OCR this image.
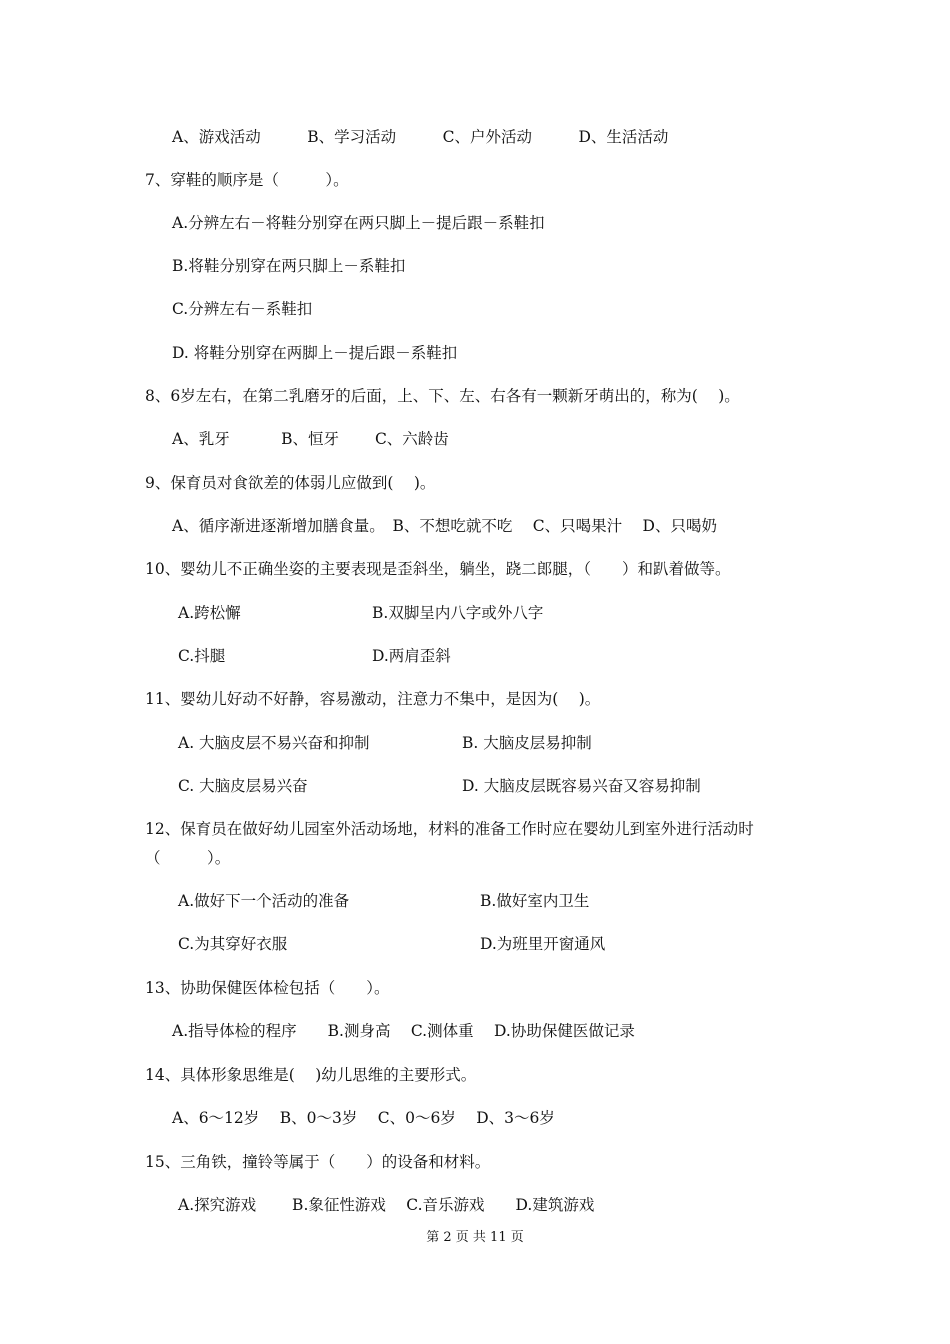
A、游戏活动　　　B、学习活动　　　C、户外活动　　　D、生活活动
7、穿鞋的顺序是（　　　）。
A.分辨左右－将鞋分别穿在两只脚上－提后跟－系鞋扣
B.将鞋分别穿在两只脚上－系鞋扣
C.分辨左右－系鞋扣
D. 将鞋分别穿在两脚上－提后跟－系鞋扣
8、6岁左右，在第二乳磨牙的后面，上、下、左、右各有一颗新牙萌出的，称为(　 )。
A、乳牙　　　 B、恒牙　　 C、六龄齿
9、保育员对食欲差的体弱儿应做到(　 )。
A、循序渐进逐渐增加膳食量。　B、不想吃就不吃　 C、只喝果汁　 D、只喝奶
10、婴幼儿不正确坐姿的主要表现是歪斜坐，躺坐，跷二郎腿，（　　）和趴着做等。
A.跨松懈	B.双脚呈内八字或外八字
C.抖腿	D.两肩歪斜
11、婴幼儿好动不好静，容易激动，注意力不集中，是因为(　 )。
A. 大脑皮层不易兴奋和抑制	B. 大脑皮层易抑制
C. 大脑皮层易兴奋	D. 大脑皮层既容易兴奋又容易抑制
12、保育员在做好幼儿园室外活动场地，材料的准备工作时应在婴幼儿到室外进行活动时
（　　　）。
A.做好下一个活动的准备	B.做好室内卫生
C.为其穿好衣服	D.为班里开窗通风
13、协助保健医体检包括（　　）。
A.指导体检的程序　　B.测身高　 C.测体重　 D.协助保健医做记录
14、具体形象思维是(　 )幼儿思维的主要形式。
A、6～12岁　 B、0～3岁　 C、0～6岁　 D、3～6岁
15、三角铁，撞铃等属于（　　）的设备和材料。
A.探究游戏　　 B.象征性游戏　 C.音乐游戏　　D.建筑游戏
第 2 页 共 11 页
